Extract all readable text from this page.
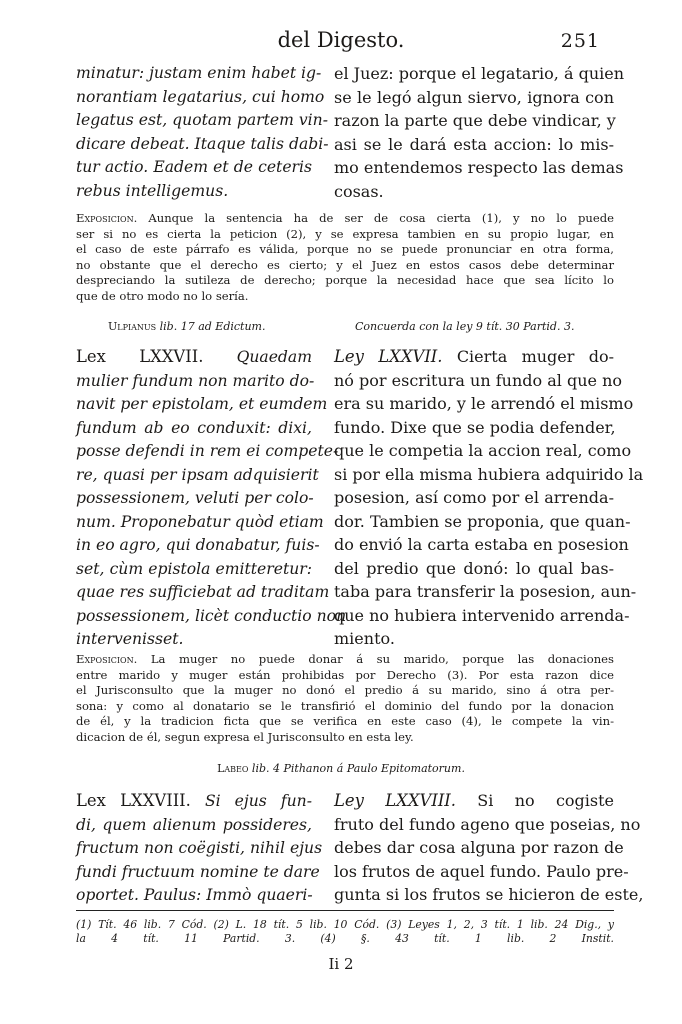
del Digesto.	251
minatur: justam enim habet ig-
norantiam legatarius, cui homo
legatus est, quotam partem vin-
dicare debeat. Itaque talis dabi-
tur actio. Eadem et de ceteris
rebus intelligemus.
el Juez: porque el legatario, á quien
se le legó algun siervo, ignora con
razon la parte que debe vindicar, y
asi se le dará esta accion: lo mis-
mo entendemos respecto las demas
cosas.
Exposicion. Aunque la sentencia ha de ser de cosa cierta (1), y no lo puede
ser si no es cierta la peticion (2), y se expresa tambien en su propio lugar, en
el caso de este párrafo es válida, porque no se puede pronunciar en otra forma,
no obstante que el derecho es cierto; y el Juez en estos casos debe determinar
despreciando la sutileza de derecho; porque la necesidad hace que sea lícito lo
que de otro modo no lo sería.
Ulpianus lib. 17 ad Edictum.	Concuerda con la ley 9 tít. 30 Partid. 3.
Lex LXXVII. Quaedam
mulier fundum non marito do-
navit per epistolam, et eumdem
fundum ab eo conduxit: dixi,
posse defendi in rem ei compete-
re, quasi per ipsam adquisierit
possessionem, veluti per colo-
num. Proponebatur quòd etiam
in eo agro, qui donabatur, fuis-
set, cùm epistola emitteretur:
quae res sufficiebat ad traditam
possessionem, licèt conductio non
intervenisset.
Ley LXXVII. Cierta muger do-
nó por escritura un fundo al que no
era su marido, y le arrendó el mismo
fundo. Dixe que se podia defender,
que le competia la accion real, como
si por ella misma hubiera adquirido la
posesion, así como por el arrenda-
dor. Tambien se proponia, que quan-
do envió la carta estaba en posesion
del predio que donó: lo qual bas-
taba para transferir la posesion, aun-
que no hubiera intervenido arrenda-
miento.
Exposicion. La muger no puede donar á su marido, porque las donaciones
entre marido y muger están prohibidas por Derecho (3). Por esta razon dice
el Jurisconsulto que la muger no donó el predio á su marido, sino á otra per-
sona: y como al donatario se le transfirió el dominio del fundo por la donacion
de él, y la tradicion ficta que se verifica en este caso (4), le compete la vin-
dicacion de él, segun expresa el Jurisconsulto en esta ley.
Labeo lib. 4 Pithanon á Paulo Epitomatorum.
Lex LXXVIII. Si ejus fun-
di, quem alienum possideres,
fructum non coëgisti, nihil ejus
fundi fructuum nomine te dare
oportet. Paulus: Immò quaeri-
Ley LXXVIII. Si no cogiste
fruto del fundo ageno que poseias, no
debes dar cosa alguna por razon de
los frutos de aquel fundo. Paulo pre-
gunta si los frutos se hicieron de este,
(1) Tít. 46 lib. 7 Cód. (2) L. 18 tít. 5 lib. 10 Cód. (3) Leyes 1, 2, 3 tít. 1 lib. 24 Dig., y
la 4 tít. 11 Partid. 3. (4) §. 43 tít. 1 lib. 2 Instit.
Ii 2
